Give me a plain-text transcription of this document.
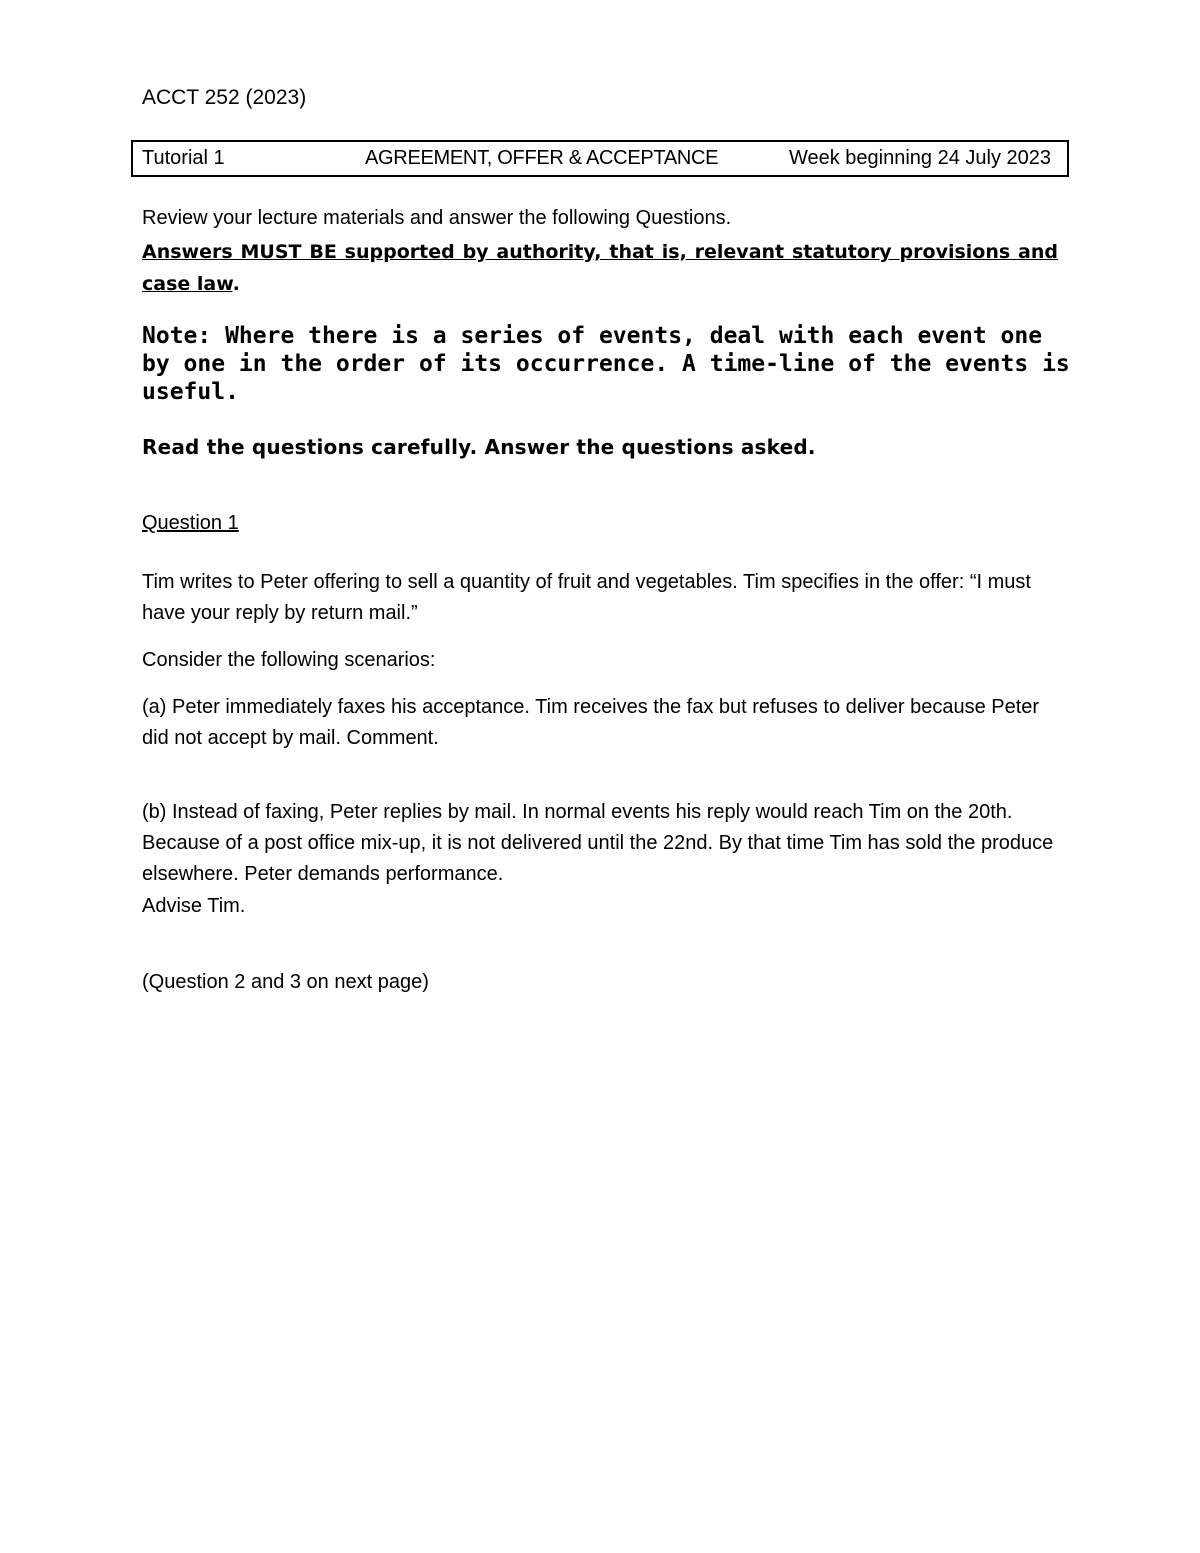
ACCT 252 (2023)
Tutorial 1	AGREEMENT, OFFER & ACCEPTANCE	Week beginning 24 July 2023
Review your lecture materials and answer the following Questions.
Answers MUST BE supported by authority, that is, relevant statutory provisions and case law.
Note: Where there is a series of events, deal with each event one by one in the order of its occurrence. A time-line of the events is useful.
Read the questions carefully. Answer the questions asked.
Question 1
Tim writes to Peter offering to sell a quantity of fruit and vegetables. Tim specifies in the offer: “I must have your reply by return mail.”
Consider the following scenarios:
(a) Peter immediately faxes his acceptance. Tim receives the fax but refuses to deliver because Peter did not accept by mail. Comment.
(b) Instead of faxing, Peter replies by mail. In normal events his reply would reach Tim on the 20th. Because of a post office mix-up, it is not delivered until the 22nd. By that time Tim has sold the produce elsewhere. Peter demands performance.
Advise Tim.
(Question 2 and 3 on next page)
